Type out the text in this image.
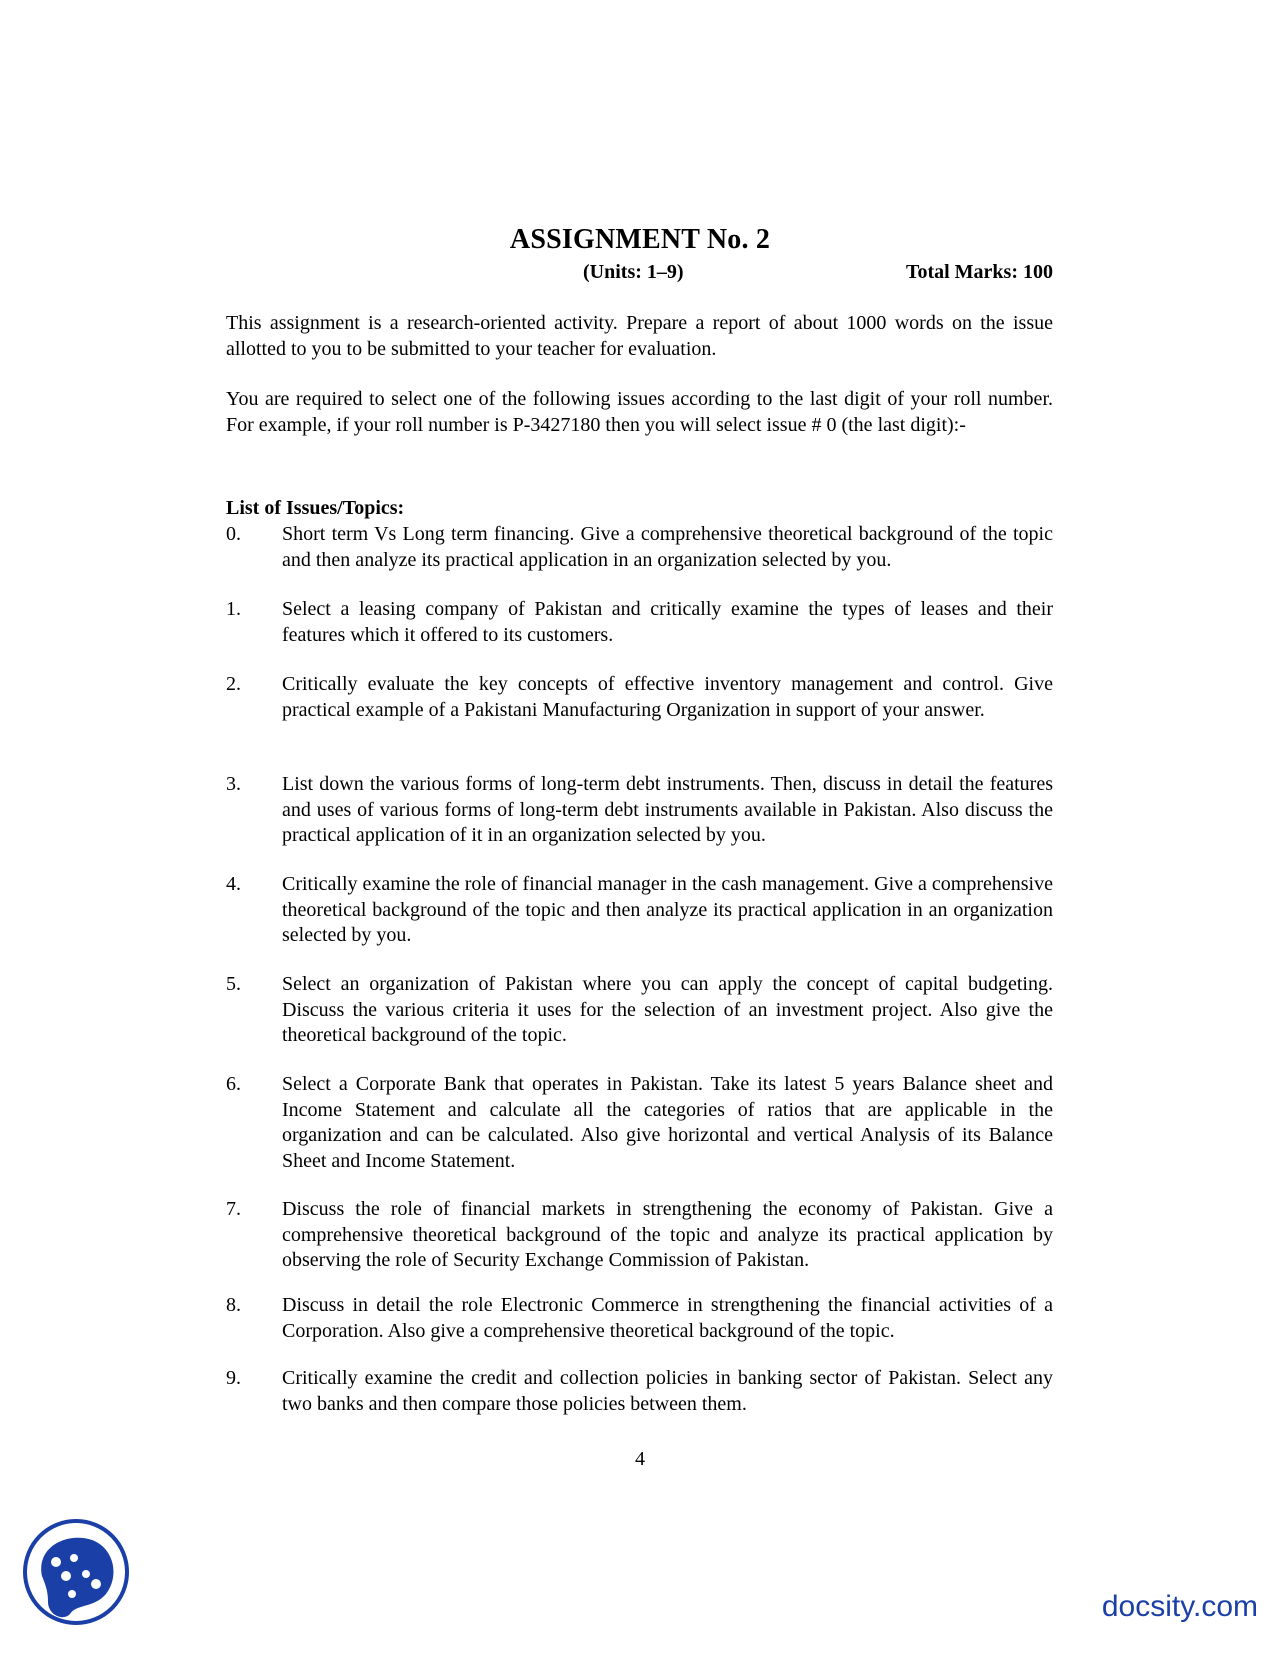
ASSIGNMENT No. 2
(Units: 1–9)	Total Marks: 100
This assignment is a research-oriented activity. Prepare a report of about 1000 words on the issue allotted to you to be submitted to your teacher for evaluation.
You are required to select one of the following issues according to the last digit of your roll number. For example, if your roll number is P-3427180 then you will select issue # 0 (the last digit):-
List of Issues/Topics:
0. Short term Vs Long term financing. Give a comprehensive theoretical background of the topic and then analyze its practical application in an organization selected by you.
1. Select a leasing company of Pakistan and critically examine the types of leases and their features which it offered to its customers.
2. Critically evaluate the key concepts of effective inventory management and control. Give practical example of a Pakistani Manufacturing Organization in support of your answer.
3. List down the various forms of long-term debt instruments. Then, discuss in detail the features and uses of various forms of long-term debt instruments available in Pakistan. Also discuss the practical application of it in an organization selected by you.
4. Critically examine the role of financial manager in the cash management. Give a comprehensive theoretical background of the topic and then analyze its practical application in an organization selected by you.
5. Select an organization of Pakistan where you can apply the concept of capital budgeting. Discuss the various criteria it uses for the selection of an investment project. Also give the theoretical background of the topic.
6. Select a Corporate Bank that operates in Pakistan. Take its latest 5 years Balance sheet and Income Statement and calculate all the categories of ratios that are applicable in the organization and can be calculated. Also give horizontal and vertical Analysis of its Balance Sheet and Income Statement.
7. Discuss the role of financial markets in strengthening the economy of Pakistan. Give a comprehensive theoretical background of the topic and analyze its practical application by observing the role of Security Exchange Commission of Pakistan.
8. Discuss in detail the role Electronic Commerce in strengthening the financial activities of a Corporation. Also give a comprehensive theoretical background of the topic.
9. Critically examine the credit and collection policies in banking sector of Pakistan. Select any two banks and then compare those policies between them.
4
docsity.com
